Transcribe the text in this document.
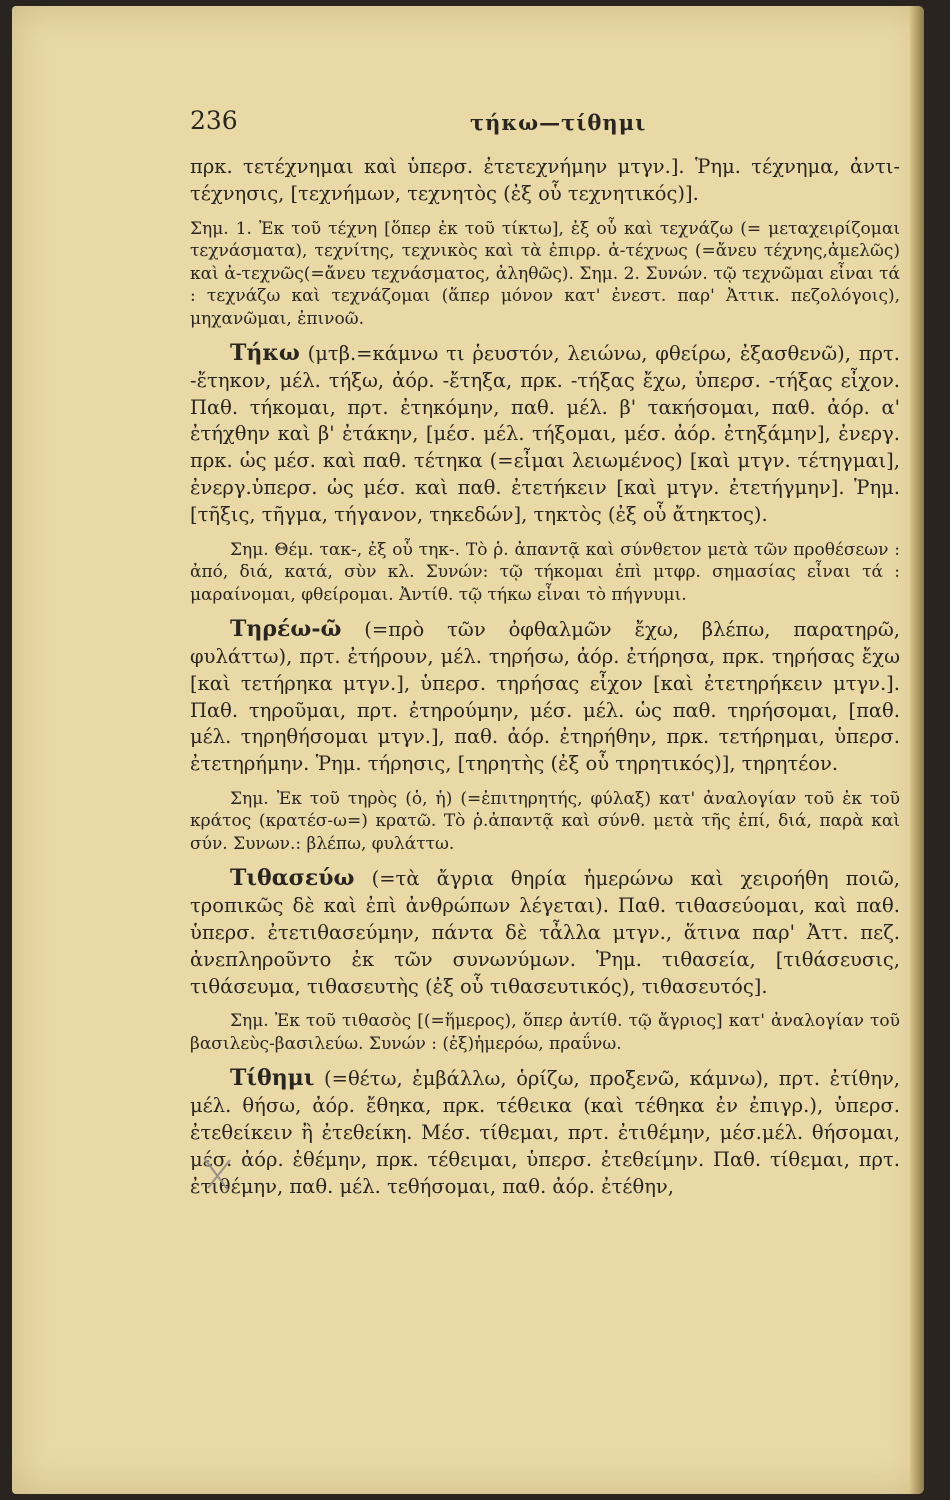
236	τήκω—τίθημι

πρκ. τετέχνημαι καὶ ὑπερσ. ἐτετεχνήμην μτγν.]. Ῥημ. τέχνημα, ἀντι-τέχνησις, [τεχνήμων, τεχνητὸς (ἐξ οὗ τεχνητικός)].

Σημ. 1. Ἐκ τοῦ τέχνη [ὅπερ ἐκ τοῦ τίκτω], ἐξ οὗ καὶ τεχνάζω (= μεταχειρίζομαι τεχνάσματα), τεχνίτης, τεχνικὸς καὶ τὰ ἐπιρρ. ἀ-τέχνως (=ἄνευ τέχνης,ἀμελῶς) καὶ ἀ-τεχνῶς(=ἄνευ τεχνάσματος, ἀληθῶς). Σημ. 2. Συνών. τῷ τεχνῶμαι εἶναι τά : τεχνάζω καὶ τεχνάζομαι (ἅπερ μόνον κατ' ἐνεστ. παρ' Ἀττικ. πεζολόγοις), μηχανῶμαι, ἐπινοῶ.

Τήκω (μτβ.=κάμνω τι ῥευστόν, λειώνω, φθείρω, ἐξασθενῶ), πρτ. -ἔτηκον, μέλ. τήξω, ἀόρ. -ἔτηξα, πρκ. -τήξας ἔχω, ὑπερσ. -τήξας εἶχον. Παθ. τήκομαι, πρτ. ἐτηκόμην, παθ. μέλ. β' τακήσομαι, παθ. ἀόρ. α' ἐτήχθην καὶ β' ἐτάκην, [μέσ. μέλ. τήξομαι, μέσ. ἀόρ. ἐτηξάμην], ἐνεργ. πρκ. ὡς μέσ. καὶ παθ. τέτηκα (=εἶμαι λειωμένος) [καὶ μτγν. τέτηγμαι], ἐνεργ.ὑπερσ. ὡς μέσ. καὶ παθ. ἐτετήκειν [καὶ μτγν. ἐτετήγμην]. Ῥημ. [τῆξις, τῆγμα, τήγανον, τηκεδών], τηκτὸς (ἐξ οὗ ἄτηκτος).

Σημ. Θέμ. τακ-, ἐξ οὗ τηκ-. Τὸ ῥ. ἀπαντᾷ καὶ σύνθετον μετὰ τῶν προθέσεων : ἀπό, διά, κατά, σὺν κλ. Συνών: τῷ τήκομαι ἐπὶ μτφρ. σημασίας εἶναι τά : μαραίνομαι, φθείρομαι. Ἀντίθ. τῷ τήκω εἶναι τὸ πήγνυμι.

Τηρέω-ῶ (=πρὸ τῶν ὀφθαλμῶν ἔχω, βλέπω, παρατηρῶ, φυλάττω), πρτ. ἐτήρουν, μέλ. τηρήσω, ἀόρ. ἐτήρησα, πρκ. τηρήσας ἔχω [καὶ τετήρηκα μτγν.], ὑπερσ. τηρήσας εἶχον [καὶ ἐτετηρήκειν μτγν.]. Παθ. τηροῦμαι, πρτ. ἐτηρούμην, μέσ. μέλ. ὡς παθ. τηρήσομαι, [παθ. μέλ. τηρηθήσομαι μτγν.], παθ. ἀόρ. ἐτηρήθην, πρκ. τετήρημαι, ὑπερσ. ἐτετηρήμην. Ῥημ. τήρησις, [τηρητὴς (ἐξ οὗ τηρητικός)], τηρητέον.

Σημ. Ἐκ τοῦ τηρὸς (ὁ, ἡ) (=ἐπιτηρητής, φύλαξ) κατ' ἀναλογίαν τοῦ ἐκ τοῦ κράτος (κρατέσ-ω=) κρατῶ. Τὸ ῥ.ἀπαντᾷ καὶ σύνθ. μετὰ τῆς ἐπί, διά, παρὰ καὶ σύν. Συνων.: βλέπω, φυλάττω.

Τιθασεύω (=τὰ ἄγρια θηρία ἡμερώνω καὶ χειροήθη ποιῶ, τροπικῶς δὲ καὶ ἐπὶ ἀνθρώπων λέγεται). Παθ. τιθασεύομαι, καὶ παθ. ὑπερσ. ἐτετιθασεύμην, πάντα δὲ τἆλλα μτγν., ἅτινα παρ' Ἀττ. πεζ. ἀνεπληροῦντο ἐκ τῶν συνωνύμων. Ῥημ. τιθασεία, [τιθάσευσις, τιθάσευμα, τιθασευτὴς (ἐξ οὗ τιθασευτικός), τιθασευτός].

Σημ. Ἐκ τοῦ τιθασὸς [(=ἥμερος), ὅπερ ἀντίθ. τῷ ἄγριος] κατ' ἀναλογίαν τοῦ βασιλεὺς-βασιλεύω. Συνών : (ἐξ)ἡμερόω, πραΰνω.

Τίθημι (=θέτω, ἐμβάλλω, ὁρίζω, προξενῶ, κάμνω), πρτ. ἐτίθην, μέλ. θήσω, ἀόρ. ἔθηκα, πρκ. τέθεικα (καὶ τέθηκα ἐν ἐπιγρ.), ὑπερσ. ἐτεθείκειν ἢ ἐτεθείκη. Μέσ. τίθεμαι, πρτ. ἐτιθέμην, μέσ.μέλ. θήσομαι, μέσ. ἀόρ. ἐθέμην, πρκ. τέθειμαι, ὑπερσ. ἐτεθείμην. Παθ. τίθεμαι, πρτ. ἐτιθέμην, παθ. μέλ. τεθήσομαι, παθ. ἀόρ. ἐτέθην,
